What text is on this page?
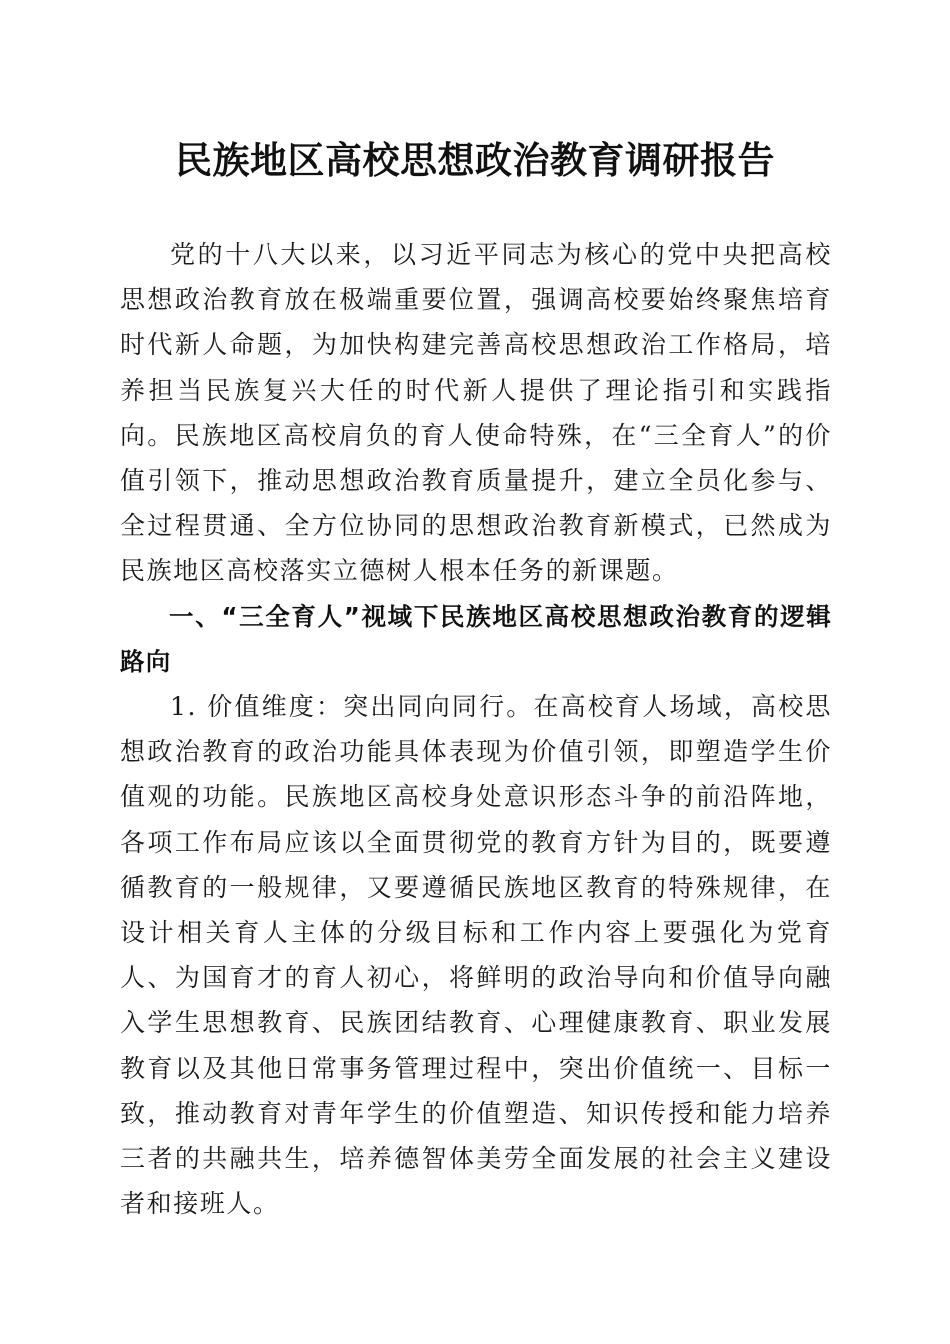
民族地区高校思想政治教育调研报告

党的十八大以来，以习近平同志为核心的党中央把高校思想政治教育放在极端重要位置，强调高校要始终聚焦培育时代新人命题，为加快构建完善高校思想政治工作格局，培养担当民族复兴大任的时代新人提供了理论指引和实践指向。民族地区高校肩负的育人使命特殊，在“三全育人”的价值引领下，推动思想政治教育质量提升，建立全员化参与、全过程贯通、全方位协同的思想政治教育新模式，已然成为民族地区高校落实立德树人根本任务的新课题。

一、“三全育人”视域下民族地区高校思想政治教育的逻辑路向

1. 价值维度：突出同向同行。在高校育人场域，高校思想政治教育的政治功能具体表现为价值引领，即塑造学生价值观的功能。民族地区高校身处意识形态斗争的前沿阵地，各项工作布局应该以全面贯彻党的教育方针为目的，既要遵循教育的一般规律，又要遵循民族地区教育的特殊规律，在设计相关育人主体的分级目标和工作内容上要强化为党育人、为国育才的育人初心，将鲜明的政治导向和价值导向融入学生思想教育、民族团结教育、心理健康教育、职业发展教育以及其他日常事务管理过程中，突出价值统一、目标一致，推动教育对青年学生的价值塑造、知识传授和能力培养三者的共融共生，培养德智体美劳全面发展的社会主义建设者和接班人。
